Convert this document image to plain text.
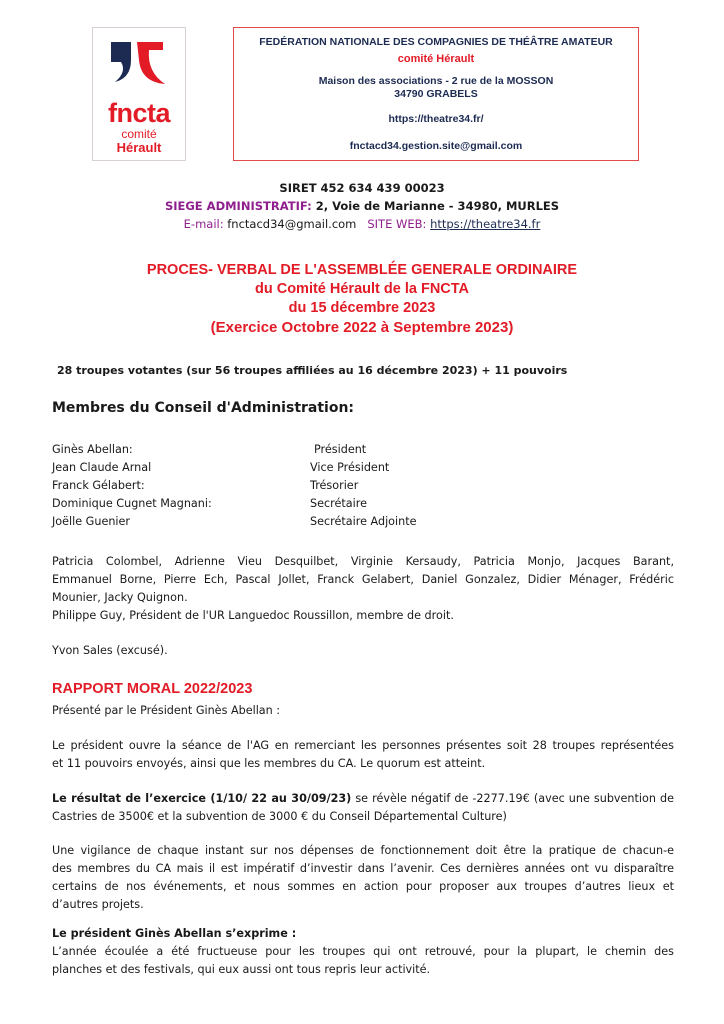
fncta
comité
Hérault
FEDÉRATION NATIONALE DES COMPAGNIES DE THÉÂTRE AMATEUR
comité Hérault
Maison des associations - 2 rue de la MOSSON
34790 GRABELS
https://theatre34.fr/
fnctacd34.gestion.site@gmail.com
SIRET 452 634 439 00023
SIEGE ADMINISTRATIF: 2, Voie de Marianne - 34980, MURLES
E-mail: fnctacd34@gmail.com SITE WEB: https://theatre34.fr
PROCES- VERBAL DE L'ASSEMBLÉE GENERALE ORDINAIRE
du Comité Hérault de la FNCTA
du 15 décembre 2023
(Exercice Octobre 2022 à Septembre 2023)
28 troupes votantes (sur 56 troupes affiliées au 16 décembre 2023) + 11 pouvoirs
Membres du Conseil d'Administration:
Ginès Abellan:	Président
Jean Claude Arnal	Vice Président
Franck Gélabert:	Trésorier
Dominique Cugnet Magnani:	Secrétaire
Joëlle Guenier	Secrétaire Adjointe
Patricia Colombel, Adrienne Vieu Desquilbet, Virginie Kersaudy, Patricia Monjo, Jacques Barant,
Emmanuel Borne, Pierre Ech, Pascal Jollet, Franck Gelabert, Daniel Gonzalez, Didier Ménager, Frédéric
Mounier, Jacky Quignon.
Philippe Guy, Président de l'UR Languedoc Roussillon, membre de droit.
Yvon Sales (excusé).
RAPPORT MORAL 2022/2023
Présenté par le Président Ginès Abellan :
Le président ouvre la séance de l'AG en remerciant les personnes présentes soit 28 troupes représentées
et 11 pouvoirs envoyés, ainsi que les membres du CA. Le quorum est atteint.
Le résultat de l’exercice (1/10/ 22 au 30/09/23) se révèle négatif de -2277.19€ (avec une subvention de
Castries de 3500€ et la subvention de 3000 € du Conseil Départemental Culture)
Une vigilance de chaque instant sur nos dépenses de fonctionnement doit être la pratique de chacun-e
des membres du CA mais il est impératif d’investir dans l’avenir. Ces dernières années ont vu disparaître
certains de nos événements, et nous sommes en action pour proposer aux troupes d’autres lieux et
d’autres projets.
Le président Ginès Abellan s’exprime :
L’année écoulée a été fructueuse pour les troupes qui ont retrouvé, pour la plupart, le chemin des
planches et des festivals, qui eux aussi ont tous repris leur activité.
